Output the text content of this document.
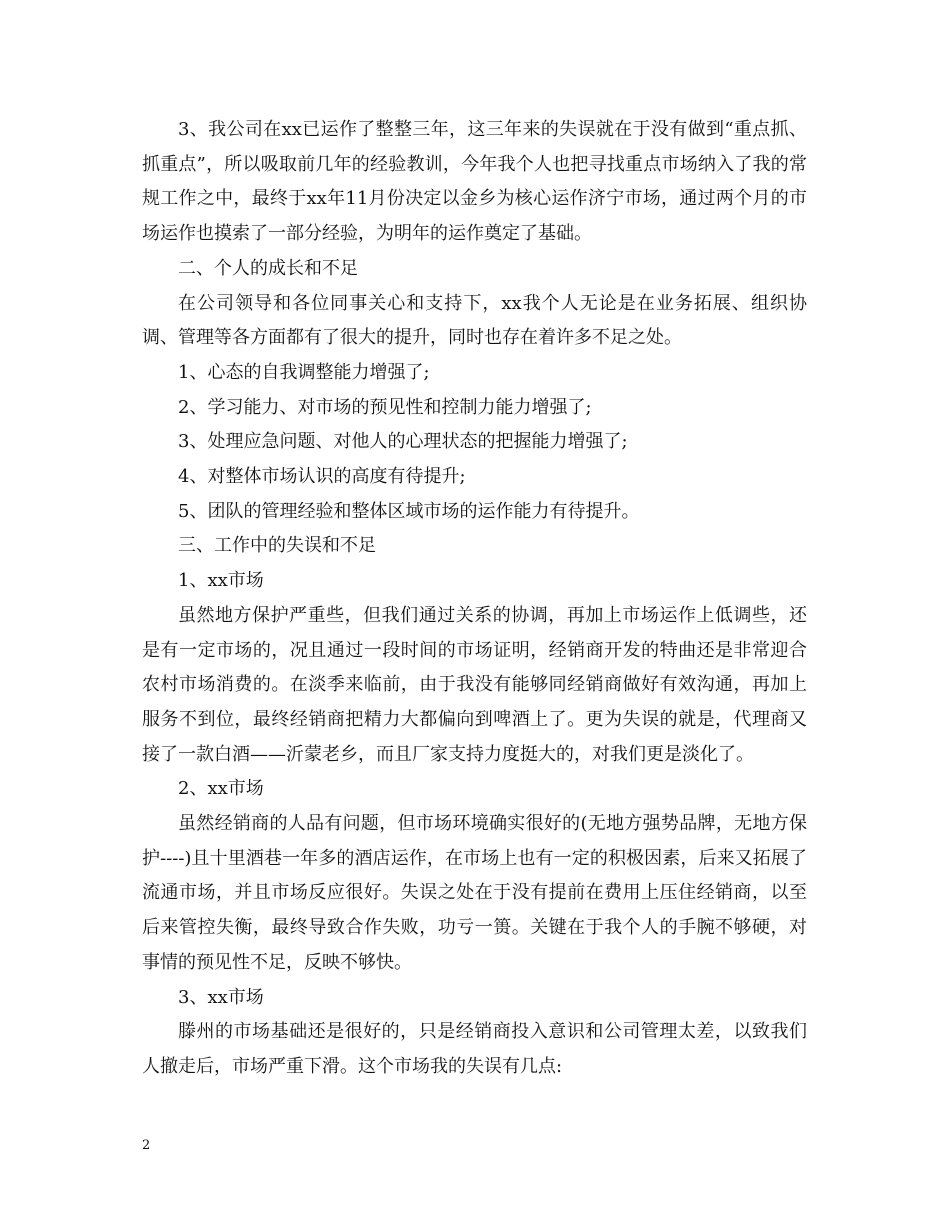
3、我公司在xx已运作了整整三年，这三年来的失误就在于没有做到“重点抓、抓重点”，所以吸取前几年的经验教训，今年我个人也把寻找重点市场纳入了我的常规工作之中，最终于xx年11月份决定以金乡为核心运作济宁市场，通过两个月的市场运作也摸索了一部分经验，为明年的运作奠定了基础。

二、个人的成长和不足

在公司领导和各位同事关心和支持下，xx我个人无论是在业务拓展、组织协调、管理等各方面都有了很大的提升，同时也存在着许多不足之处。

1、心态的自我调整能力增强了;

2、学习能力、对市场的预见性和控制力能力增强了;

3、处理应急问题、对他人的心理状态的把握能力增强了;

4、对整体市场认识的高度有待提升;

5、团队的管理经验和整体区域市场的运作能力有待提升。

三、工作中的失误和不足

1、xx市场

虽然地方保护严重些，但我们通过关系的协调，再加上市场运作上低调些，还是有一定市场的，况且通过一段时间的市场证明，经销商开发的特曲还是非常迎合农村市场消费的。在淡季来临前，由于我没有能够同经销商做好有效沟通，再加上服务不到位，最终经销商把精力大都偏向到啤酒上了。更为失误的就是，代理商又接了一款白酒——沂蒙老乡，而且厂家支持力度挺大的，对我们更是淡化了。

2、xx市场

虽然经销商的人品有问题，但市场环境确实很好的(无地方强势品牌，无地方保护----)且十里酒巷一年多的酒店运作，在市场上也有一定的积极因素，后来又拓展了流通市场，并且市场反应很好。失误之处在于没有提前在费用上压住经销商，以至后来管控失衡，最终导致合作失败，功亏一篑。关键在于我个人的手腕不够硬，对事情的预见性不足，反映不够快。

3、xx市场

滕州的市场基础还是很好的，只是经销商投入意识和公司管理太差，以致我们人撤走后，市场严重下滑。这个市场我的失误有几点:

2
